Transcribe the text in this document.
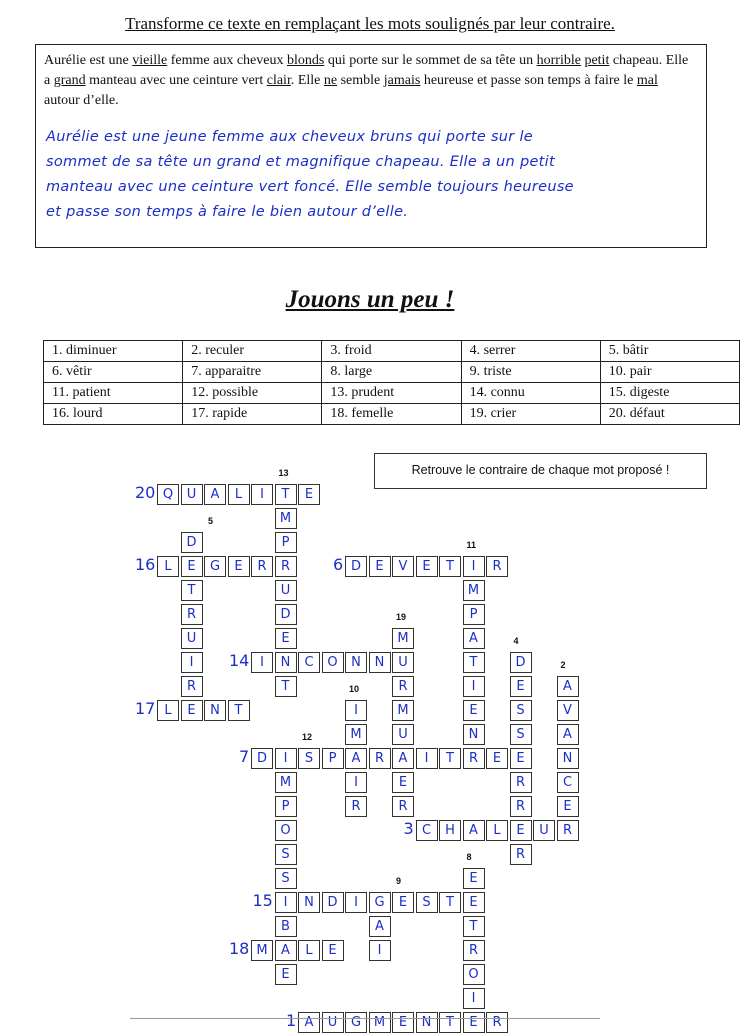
Transforme ce texte en remplaçant les mots soulignés par leur contraire.
Aurélie est une vieille femme aux cheveux blonds qui porte sur le sommet de sa tête un horrible petit chapeau. Elle a grand manteau avec une ceinture vert clair. Elle ne semble jamais heureuse et passe son temps à faire le mal autour d’elle.
Aurélie est une jeune femme aux cheveux bruns qui porte sur le
sommet de sa tête un grand et magnifique chapeau. Elle a un petit
manteau avec une ceinture vert foncé. Elle semble toujours heureuse
et passe son temps à faire le bien autour d’elle.
Jouons un peu !
1. diminuer	2. reculer	3. froid	4. serrer	5. bâtir
6. vêtir	7. apparaitre	8. large	9. triste	10. pair
11. patient	12. possible	13. prudent	14. connu	15. digeste
16. lourd	17. rapide	18. femelle	19. crier	20. défaut
Retrouve le contraire de chaque mot proposé !
Q	U	A	L	I	T	E
M
D	P
L	E	G	E	R	R	D	E	V	E	T	I	R
T	U	M
R	D	P
U	E	M	A
I	I	N	C	O	N	N	U	T	D
R	T	R	I	E	A
L	E	N	T	I	M	E	S	V
M	U	N	S	A
D	I	S	P	A	R	A	I	T	R	E	E	N
M	I	E	R	C
P	R	R	R	E
O	C	H	A	L	E	U	R
S	R
S	E
I	N	D	I	G	E	S	T	E
B	A	T
M	A	L	E	I	R
E	O
I
A	U	G M	E	N	T	E	R
13
5
11
19
4
2
10
12
8
9
20
16	6
14
17
7
3
15
18
1
